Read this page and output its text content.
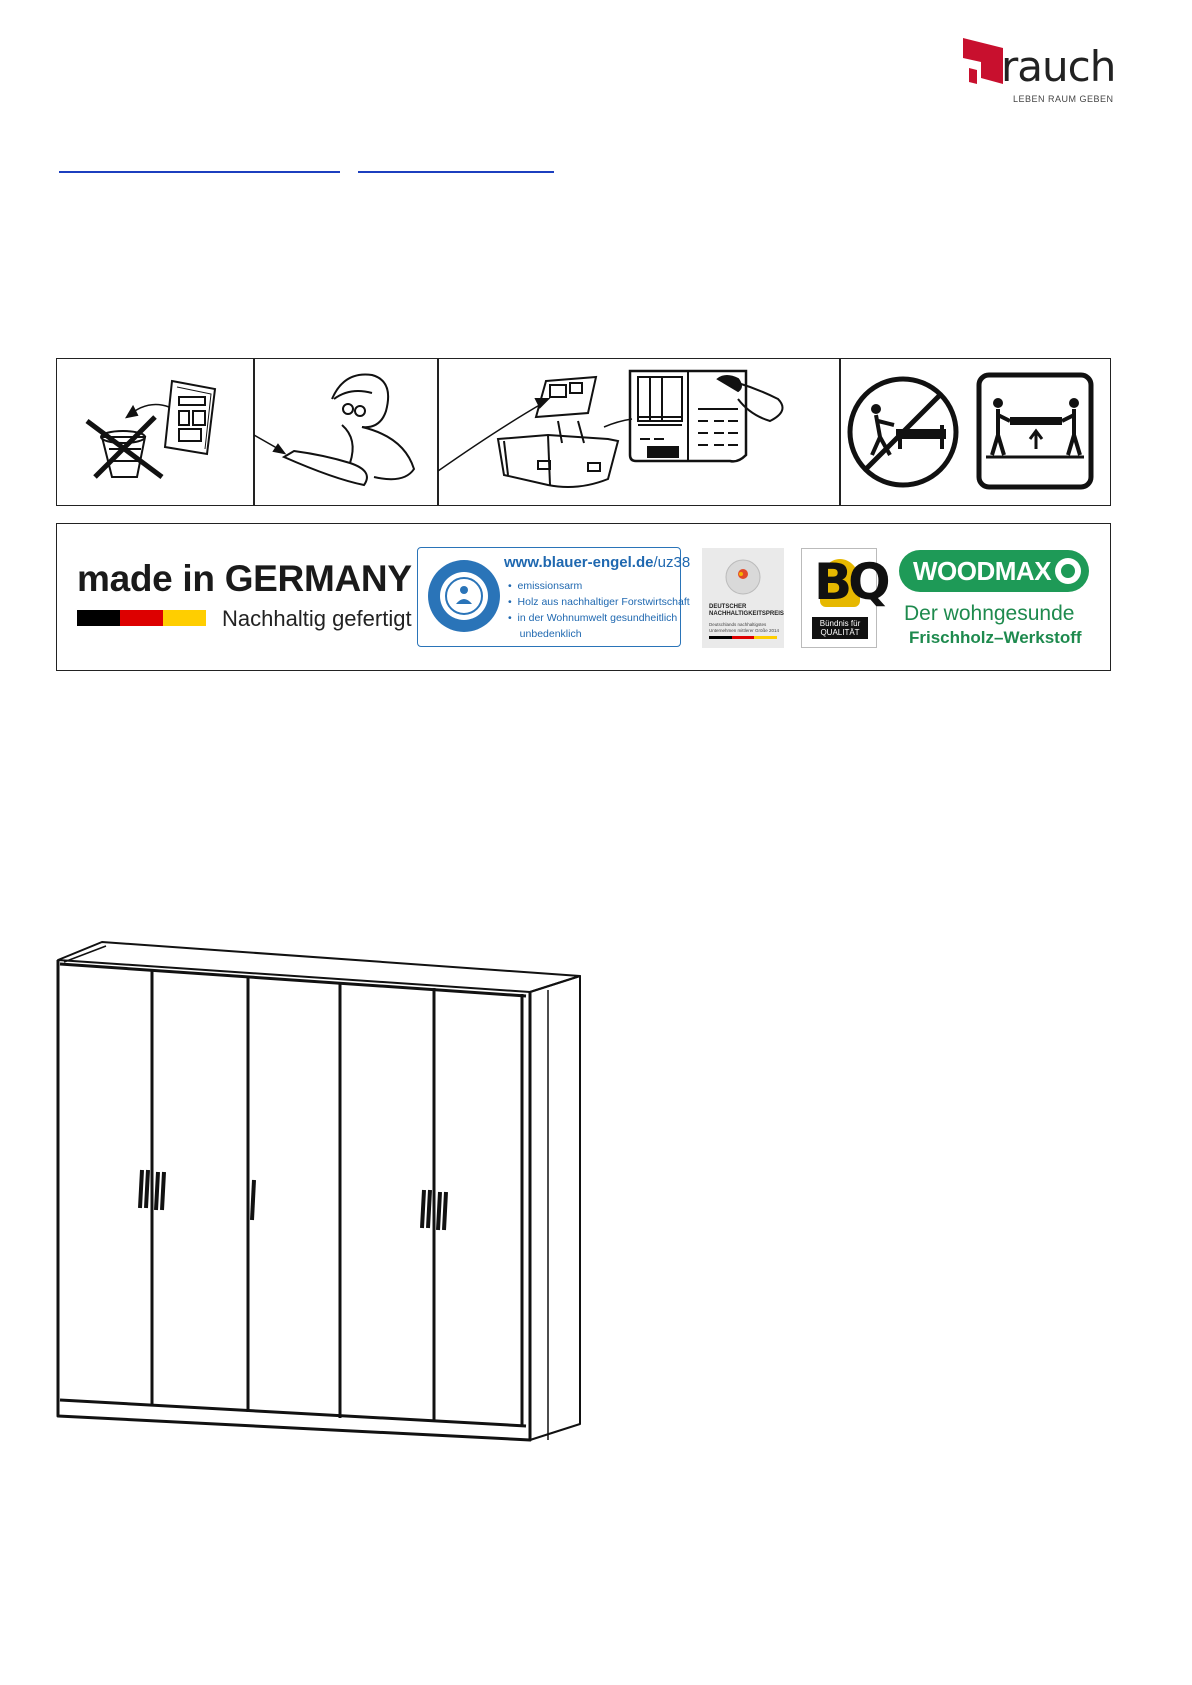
rauch
LEBEN RAUM GEBEN
made in GERMANY
Nachhaltig gefertigt
www.blauer-engel.de/uz38
•  emissionsarm
•  Holz aus nachhaltiger Forstwirtschaft
•  in der Wohnumwelt gesundheitlich
unbedenklich
DEUTSCHER
NACHHALTIGKEITSPREIS
Deutschlands nachhaltigstes
Unternehmen mittlerer Größe 2014
BQ
Bündnis für
QUALITÄT
WOODMAX
Der wohngesunde
Frischholz–Werkstoff
